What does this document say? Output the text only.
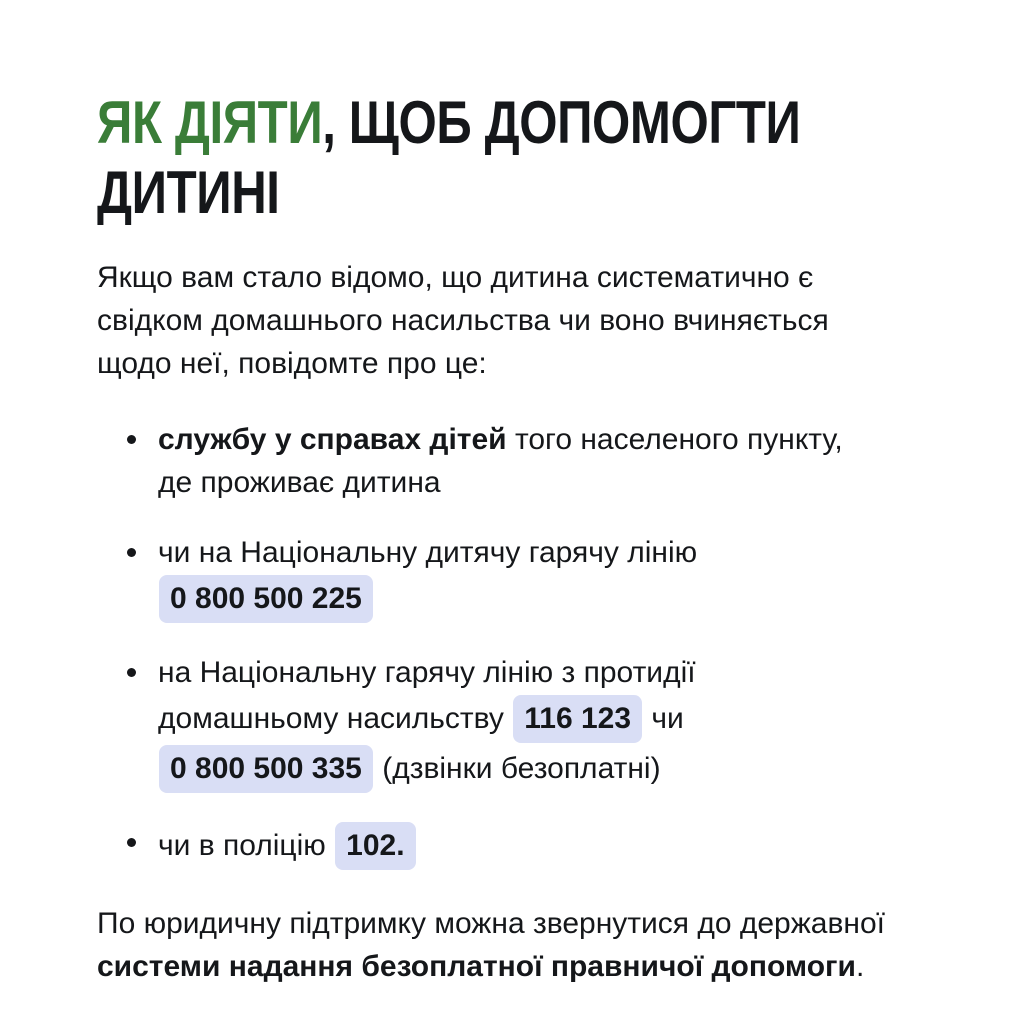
ЯК ДІЯТИ, ЩОБ ДОПОМОГТИ
ДИТИНІ

Якщо вам стало відомо, що дитина систематично є свідком домашнього насильства чи воно вчиняється щодо неї, повідомте про це:

службу у справах дітей того населеного пункту, де проживає дитина
чи на Національну дитячу гарячу лінію 0 800 500 225
на Національну гарячу лінію з протидії домашньому насильству 116 123 чи 0 800 500 335 (дзвінки безоплатні)
чи в поліцію 102.

По юридичну підтримку можна звернутися до державної системи надання безоплатної правничої допомоги.
